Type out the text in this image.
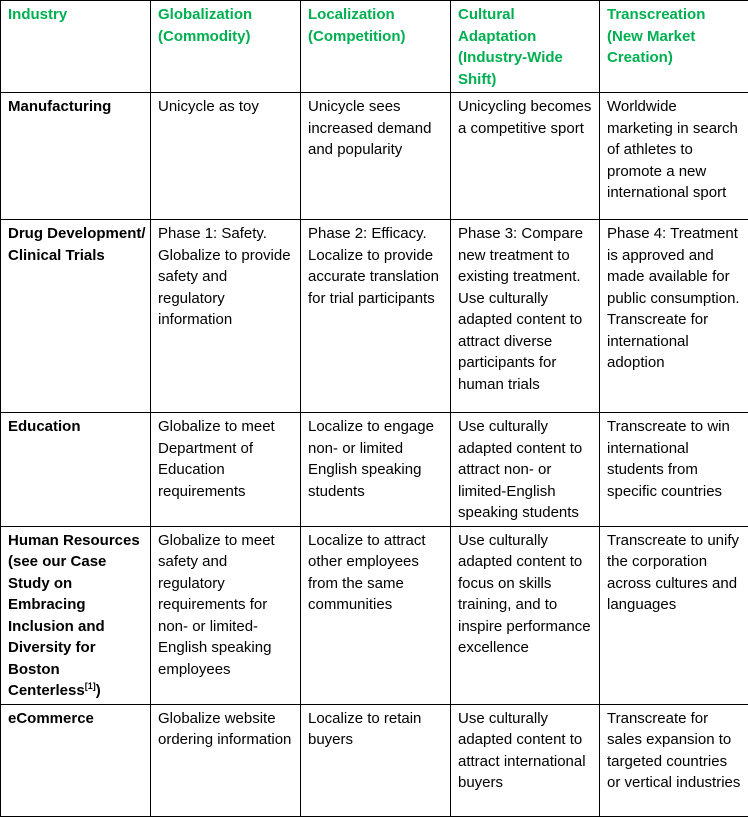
Industry	Globalization (Commodity)	Localization (Competition)	Cultural Adaptation (Industry-Wide Shift)	Transcreation (New Market Creation)
Manufacturing	Unicycle as toy	Unicycle sees increased demand and popularity	Unicycling becomes a competitive sport	Worldwide marketing in search of athletes to promote a new international sport
Drug Development/ Clinical Trials	Phase 1: Safety. Globalize to provide safety and regulatory information	Phase 2: Efficacy. Localize to provide accurate translation for trial participants	Phase 3: Compare new treatment to existing treatment. Use culturally adapted content to attract diverse participants for human trials	Phase 4: Treatment is approved and made available for public consumption. Transcreate for international adoption
Education	Globalize to meet Department of Education requirements	Localize to engage non- or limited English speaking students	Use culturally adapted content to attract non- or limited-English speaking students	Transcreate to win international students from specific countries
Human Resources (see our Case Study on Embracing Inclusion and Diversity for Boston Centerless[1])	Globalize to meet safety and regulatory requirements for non- or limited-English speaking employees	Localize to attract other employees from the same communities	Use culturally adapted content to focus on skills training, and to inspire performance excellence	Transcreate to unify the corporation across cultures and languages
eCommerce	Globalize website ordering information	Localize to retain buyers	Use culturally adapted content to attract international buyers	Transcreate for sales expansion to targeted countries or vertical industries
